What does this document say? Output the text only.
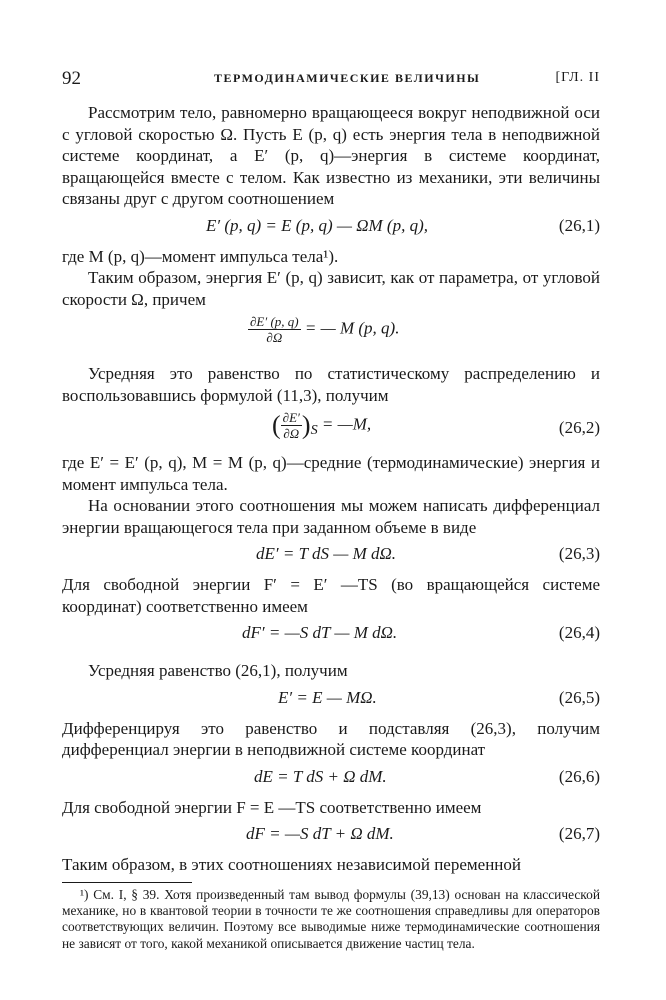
92	ТЕРМОДИНАМИЧЕСКИЕ ВЕЛИЧИНЫ	[ГЛ. II

Рассмотрим тело, равномерно вращающееся вокруг неподвижной оси с угловой скоростью Ω. Пусть E (p, q) есть энергия тела в неподвижной системе координат, а E′ (p, q)—энергия в системе координат, вращающейся вместе с телом. Как известно из механики, эти величины связаны друг с другом соотношением

E′ (p, q) = E (p, q) — ΩM (p, q),	(26,1)

где M (p, q)—момент импульса тела¹).

Таким образом, энергия E′ (p, q) зависит, как от параметра, от угловой скорости Ω, причем

$\frac{\partial E' (p, q)}{\partial\Omega}$ = — M (p, q).

Усредняя это равенство по статистическому распределению и воспользовавшись формулой (11,3), получим

( $\frac{\partial E'}{\partial\Omega} )_S$ = —M,	(26,2)

где E′ = E′ (p, q), M = M (p, q)—средние (термодинамические) энергия и момент импульса тела.

На основании этого соотношения мы можем написать дифференциал энергии вращающегося тела при заданном объеме в виде

dE′ = T dS — M dΩ.	(26,3)

Для свободной энергии F′ = E′ —TS (во вращающейся системе координат) соответственно имеем

dF′ = —S dT — M dΩ.	(26,4)

Усредняя равенство (26,1), получим

E′ = E — MΩ.	(26,5)

Дифференцируя это равенство и подставляя (26,3), получим дифференциал энергии в неподвижной системе координат

dE = T dS + Ω dM.	(26,6)

Для свободной энергии F = E —TS соответственно имеем

dF = —S dT + Ω dM.	(26,7)

Таким образом, в этих соотношениях независимой переменной

¹) См. I, § 39. Хотя произведенный там вывод формулы (39,13) основан на классической механике, но в квантовой теории в точности те же соотношения справедливы для операторов соответствующих величин. Поэтому все выводимые ниже термодинамические соотношения не зависят от того, какой механикой описывается движение частиц тела.
